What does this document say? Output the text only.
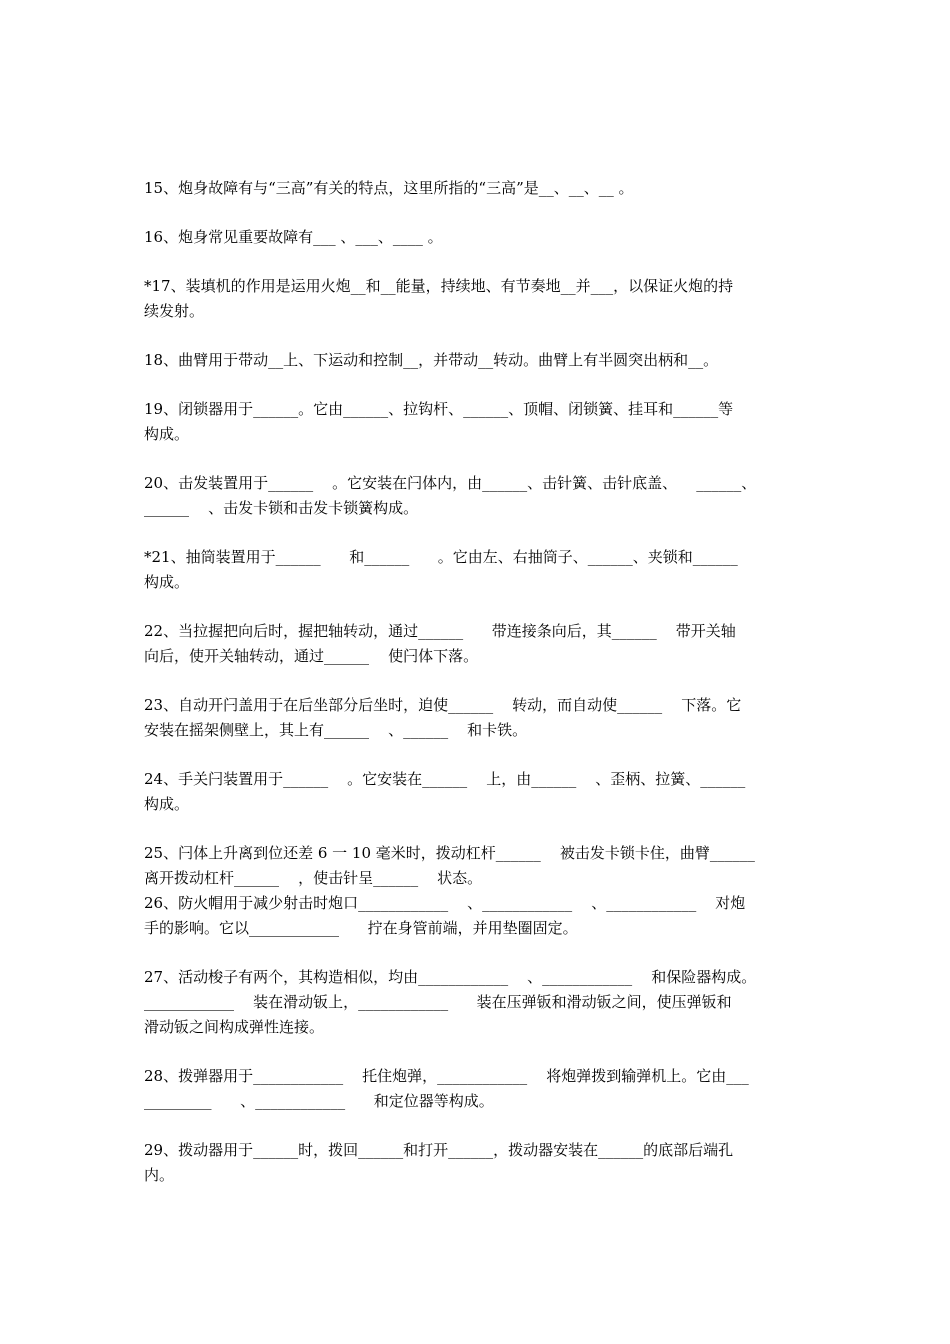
15、炮身故障有与“三高”有关的特点，这里所指的“三高”是__、__、__ 。

16、炮身常见重要故障有___ 、___、____ 。

*17、装填机的作用是运用火炮__和__能量，持续地、有节奏地__并___，以保证火炮的持
续发射。

18、曲臂用于带动__上、下运动和控制__，并带动__转动。曲臂上有半圆突出柄和__。

19、闭锁器用于______。它由______、拉钩杆、______、顶帽、闭锁簧、挂耳和______等
构成。

20、击发装置用于______    。它安装在闩体内，由______、击针簧、击针底盖、    ______、
______    、击发卡锁和击发卡锁簧构成。

*21、抽筒装置用于______      和______      。它由左、右抽筒子、______、夹锁和______
构成。

22、当拉握把向后时，握把轴转动，通过______      带连接条向后，其______    带开关轴
向后，使开关轴转动，通过______    使闩体下落。

23、自动开闩盖用于在后坐部分后坐时，迫使______    转动，而自动使______    下落。它
安装在摇架侧壁上，其上有______    、______    和卡铁。

24、手关闩装置用于______    。它安装在______    上，由______    、歪柄、拉簧、______
构成。

25、闩体上升离到位还差 6 一 10 毫米时，拨动杠杆______    被击发卡锁卡住，曲臂______
离开拨动杠杆______    ，使击针呈______    状态。

26、防火帽用于减少射击时炮口____________    、____________    、____________    对炮
手的影响。它以____________      拧在身管前端，并用垫圈固定。

27、活动梭子有两个，其构造相似，均由____________    、____________    和保险器构成。
____________    装在滑动钣上，____________      装在压弹钣和滑动钣之间，使压弹钣和
滑动钣之间构成弹性连接。

28、拨弹器用于____________    托住炮弹，____________    将炮弹拨到输弹机上。它由___
_________      、____________      和定位器等构成。

29、拨动器用于______时，拨回______和打开______，拨动器安装在______的底部后端孔
内。
